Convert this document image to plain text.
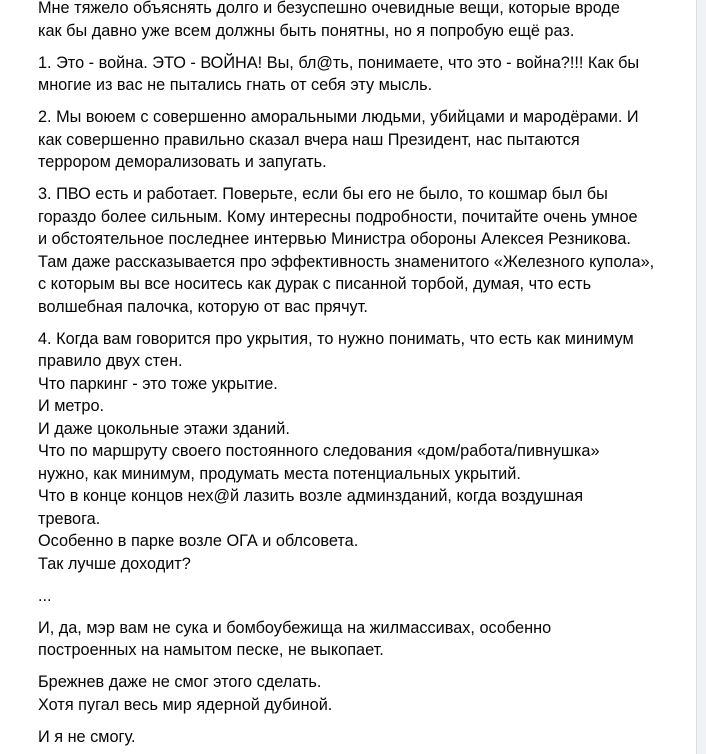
Мне тяжело объяснять долго и безуспешно очевидные вещи, которые вроде
как бы давно уже всем должны быть понятны, но я попробую ещё раз.

1. Это - война. ЭТО - ВОЙНА! Вы, бл@ть, понимаете, что это - война?!!! Как бы
многие из вас не пытались гнать от себя эту мысль.

2. Мы воюем с совершенно аморальными людьми, убийцами и мародёрами. И
как совершенно правильно сказал вчера наш Президент, нас пытаются
террором деморализовать и запугать.

3. ПВО есть и работает. Поверьте, если бы его не было, то кошмар был бы
гораздо более сильным. Кому интересны подробности, почитайте очень умное
и обстоятельное последнее интервью Министра обороны Алексея Резникова.
Там даже рассказывается про эффективность знаменитого «Железного купола»,
с которым вы все носитесь как дурак с писанной торбой, думая, что есть
волшебная палочка, которую от вас прячут.

4. Когда вам говорится про укрытия, то нужно понимать, что есть как минимум
правило двух стен.
Что паркинг - это тоже укрытие.
И метро.
И даже цокольные этажи зданий.
Что по маршруту своего постоянного следования «дом/работа/пивнушка»
нужно, как минимум, продумать места потенциальных укрытий.
Что в конце концов нех@й лазить возле админзданий, когда воздушная
тревога.
Особенно в парке возле ОГА и облсовета.
Так лучше доходит?

...

И, да, мэр вам не сука и бомбоубежища на жилмассивах, особенно
построенных на намытом песке, не выкопает.

Брежнев даже не смог этого сделать.
Хотя пугал весь мир ядерной дубиной.

И я не смогу.
